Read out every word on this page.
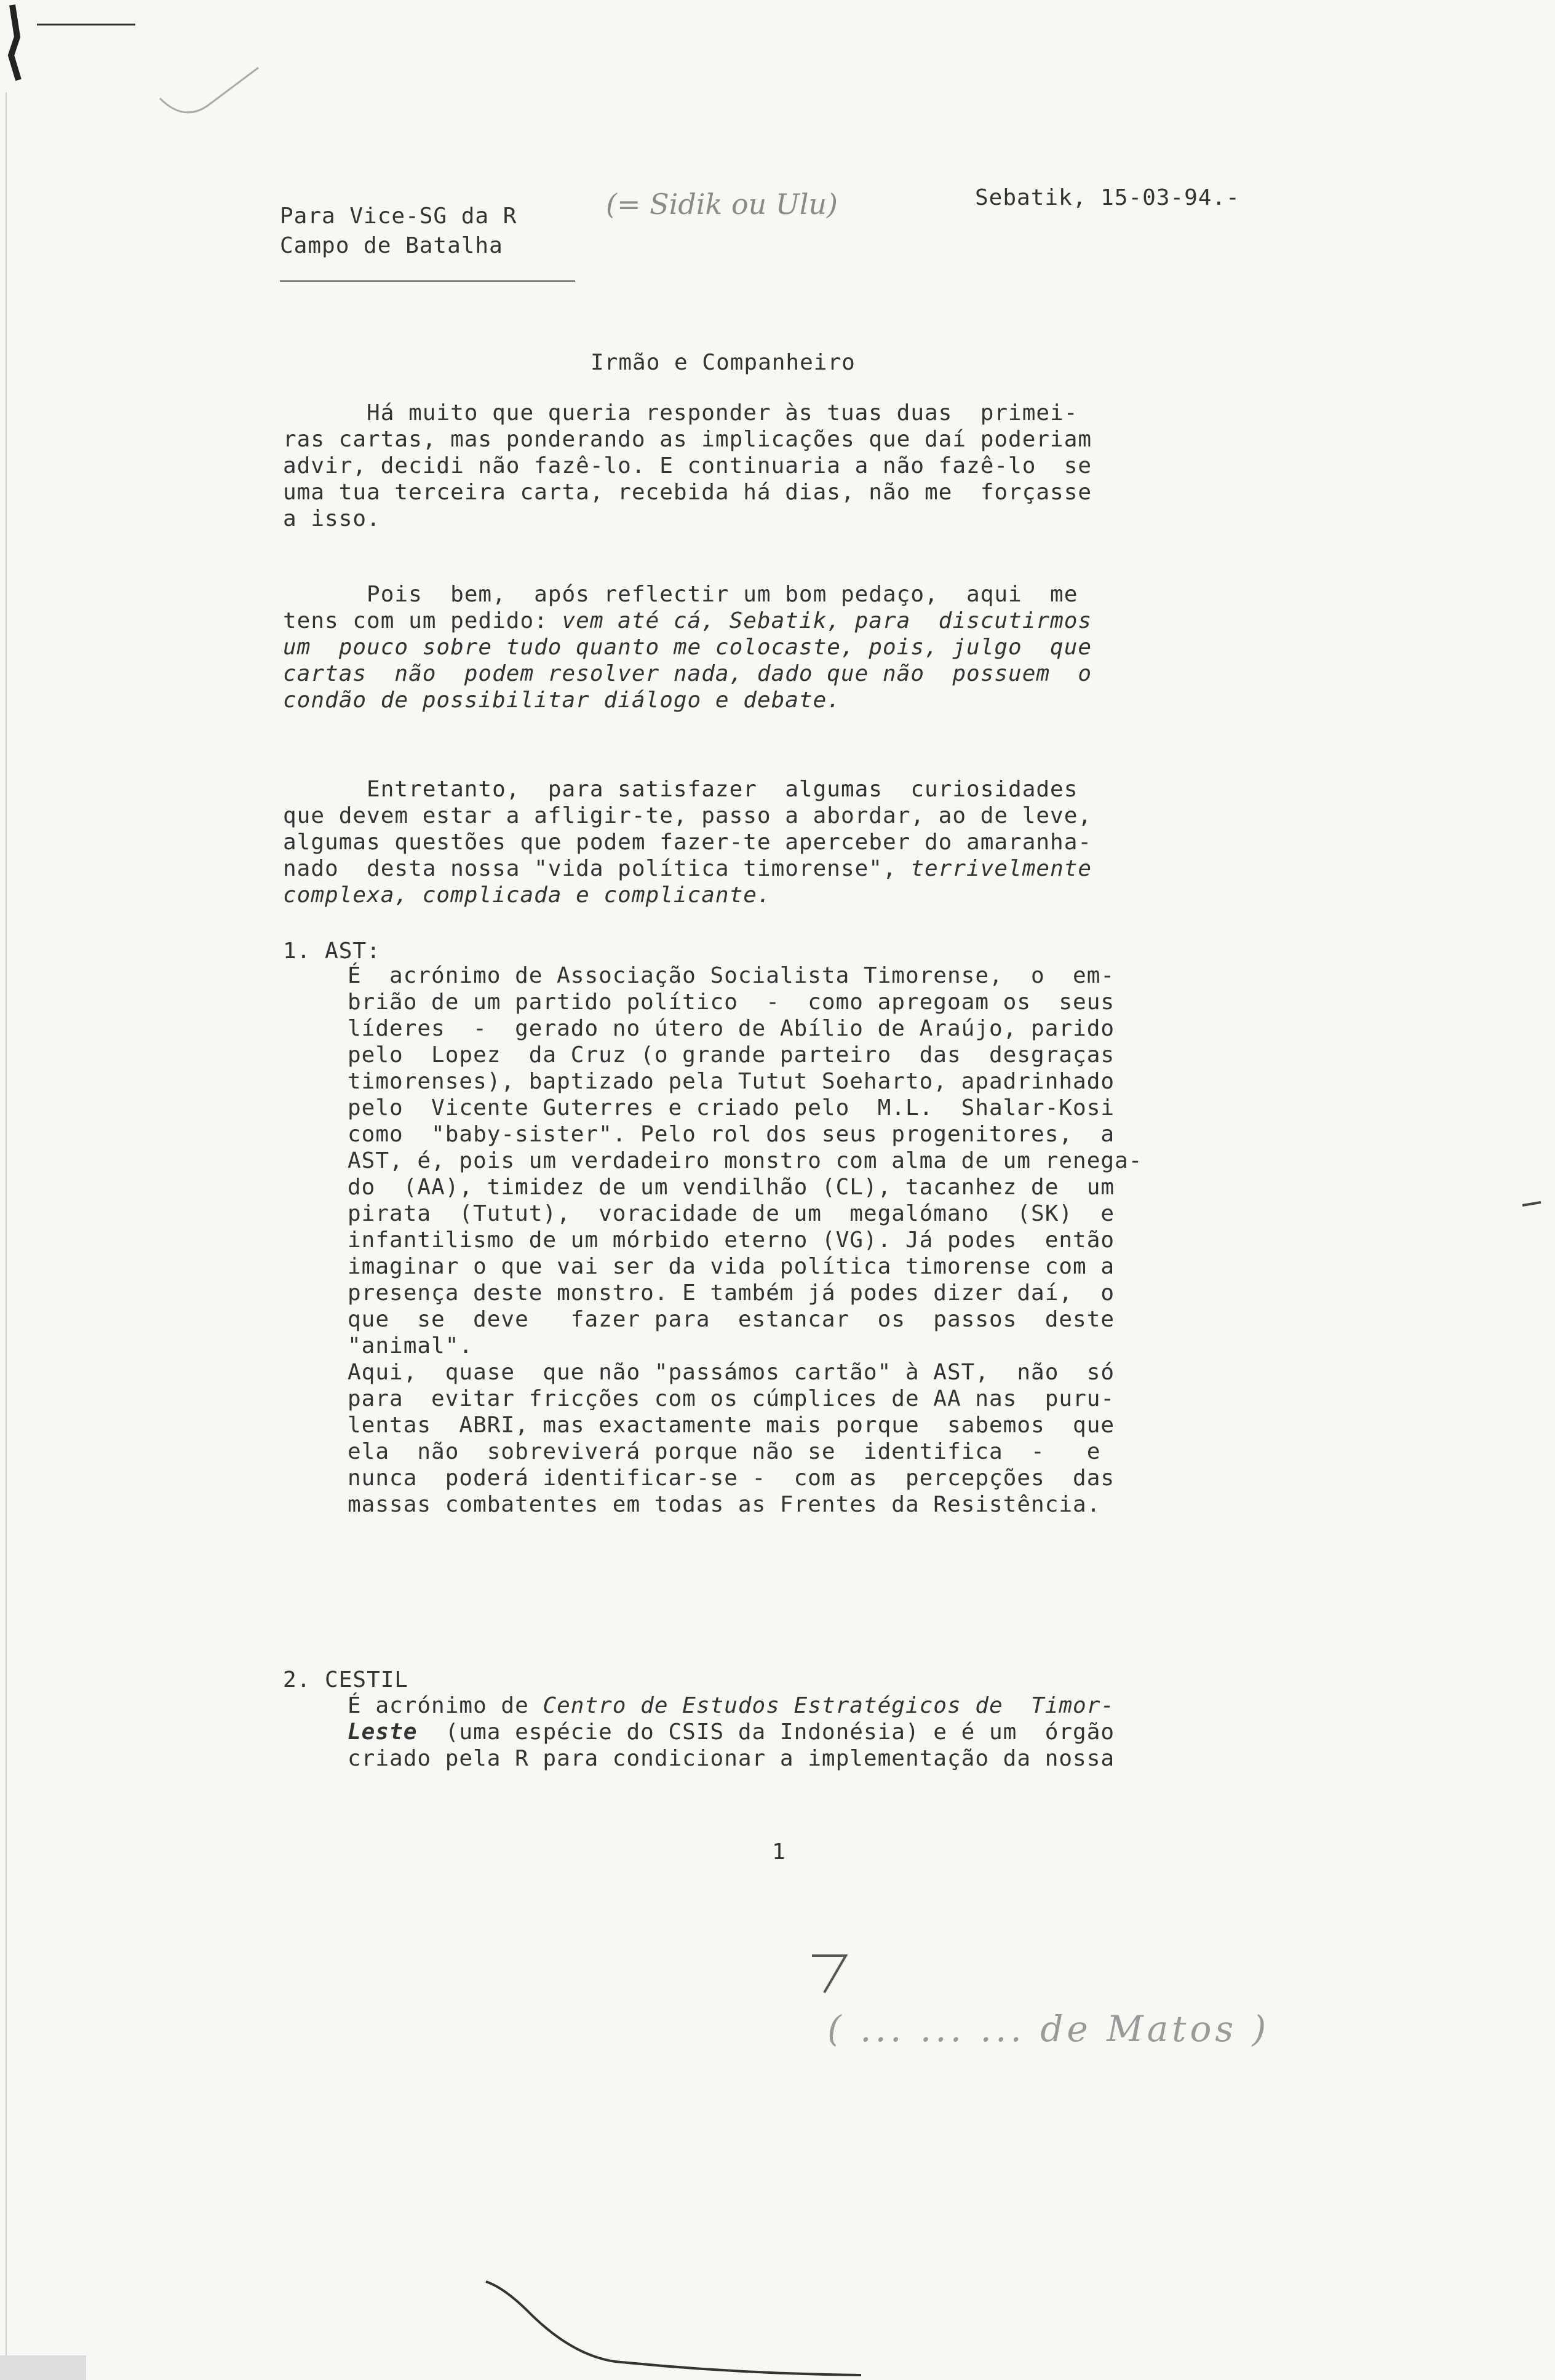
Para Vice-SG da R
Campo de Batalha
(= Sidik ou Ulu)	Sebatik, 15-03-94.-
Irmão e Companheiro
Há muito que queria responder às tuas duas  primei-
ras cartas, mas ponderando as implicações que daí poderiam
advir, decidi não fazê-lo. E continuaria a não fazê-lo  se
uma tua terceira carta, recebida há dias, não me  forçasse
a isso.
Pois  bem,  após reflectir um bom pedaço,  aqui  me
tens com um pedido: vem até cá, Sebatik, para  discutirmos
um  pouco sobre tudo quanto me colocaste, pois, julgo  que
cartas  não  podem resolver nada, dado que não  possuem  o
condão de possibilitar diálogo e debate.
Entretanto,  para satisfazer  algumas  curiosidades
que devem estar a afligir-te, passo a abordar, ao de leve,
algumas questões que podem fazer-te aperceber do amaranha-
nado  desta nossa "vida política timorense", terrivelmente
complexa, complicada e complicante.
1. AST:
É  acrónimo de Associação Socialista Timorense,  o  em-
brião de um partido político  -  como apregoam os  seus
líderes  -  gerado no útero de Abílio de Araújo, parido
pelo  Lopez  da Cruz (o grande parteiro  das  desgraças
timorenses), baptizado pela Tutut Soeharto, apadrinhado
pelo  Vicente Guterres e criado pelo  M.L.  Shalar-Kosi
como  "baby-sister". Pelo rol dos seus progenitores,  a
AST, é, pois um verdadeiro monstro com alma de um renega-
do  (AA), timidez de um vendilhão (CL), tacanhez de  um
pirata  (Tutut),  voracidade de um  megalómano  (SK)  e
infantilismo de um mórbido eterno (VG). Já podes  então
imaginar o que vai ser da vida política timorense com a
presença deste monstro. E também já podes dizer daí,  o
que  se  deve   fazer para  estancar  os  passos  deste
"animal".
Aqui,  quase  que não "passámos cartão" à AST,  não  só
para  evitar fricções com os cúmplices de AA nas  puru-
lentas  ABRI, mas exactamente mais porque  sabemos  que
ela  não  sobreviverá porque não se  identifica  -   e
nunca  poderá identificar-se -  com as  percepções  das
massas combatentes em todas as Frentes da Resistência.
2. CESTIL
É acrónimo de Centro de Estudos Estratégicos de  Timor-
Leste  (uma espécie do CSIS da Indonésia) e é um  órgão
criado pela R para condicionar a implementação da nossa
1
( ... ... ... de Matos )
